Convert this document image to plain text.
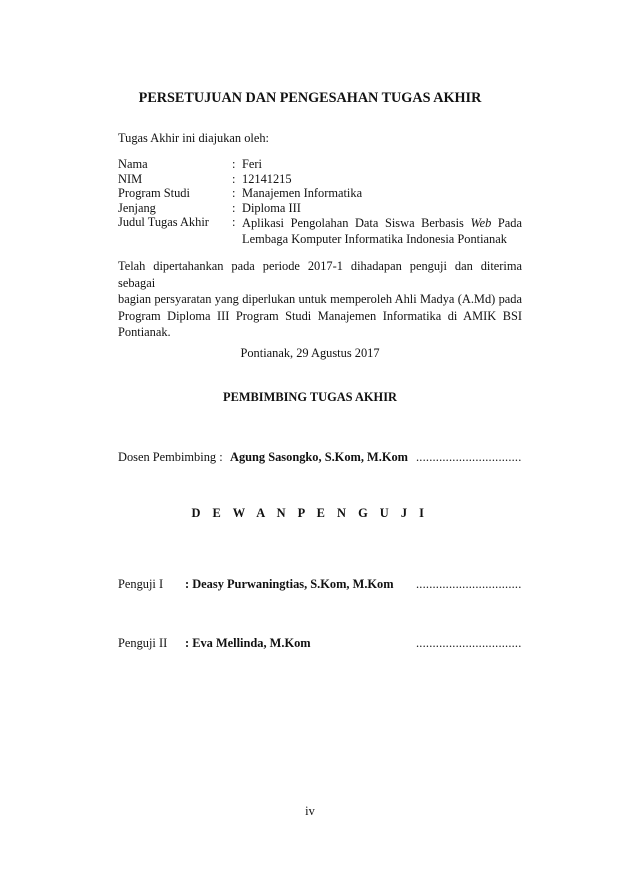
PERSETUJUAN DAN PENGESAHAN TUGAS AKHIR
Tugas Akhir ini diajukan oleh:
Nama	: Feri
NIM	: 12141215
Program Studi	: Manajemen Informatika
Jenjang	: Diploma III
Judul Tugas Akhir : Aplikasi Pengolahan Data Siswa Berbasis Web Pada
Lembaga Komputer Informatika Indonesia Pontianak
Telah dipertahankan pada periode 2017-1 dihadapan penguji dan diterima sebagai
bagian persyaratan yang diperlukan untuk memperoleh Ahli Madya (A.Md) pada
Program Diploma III Program Studi Manajemen Informatika di AMIK BSI
Pontianak.
Pontianak, 29 Agustus 2017
PEMBIMBING TUGAS AKHIR
Dosen Pembimbing : Agung Sasongko, S.Kom, M.Kom ................................
D E W A N P E N G U J I
Penguji I : Deasy Purwaningtias, S.Kom, M.Kom ................................
Penguji II : Eva Mellinda, M.Kom	................................
iv
